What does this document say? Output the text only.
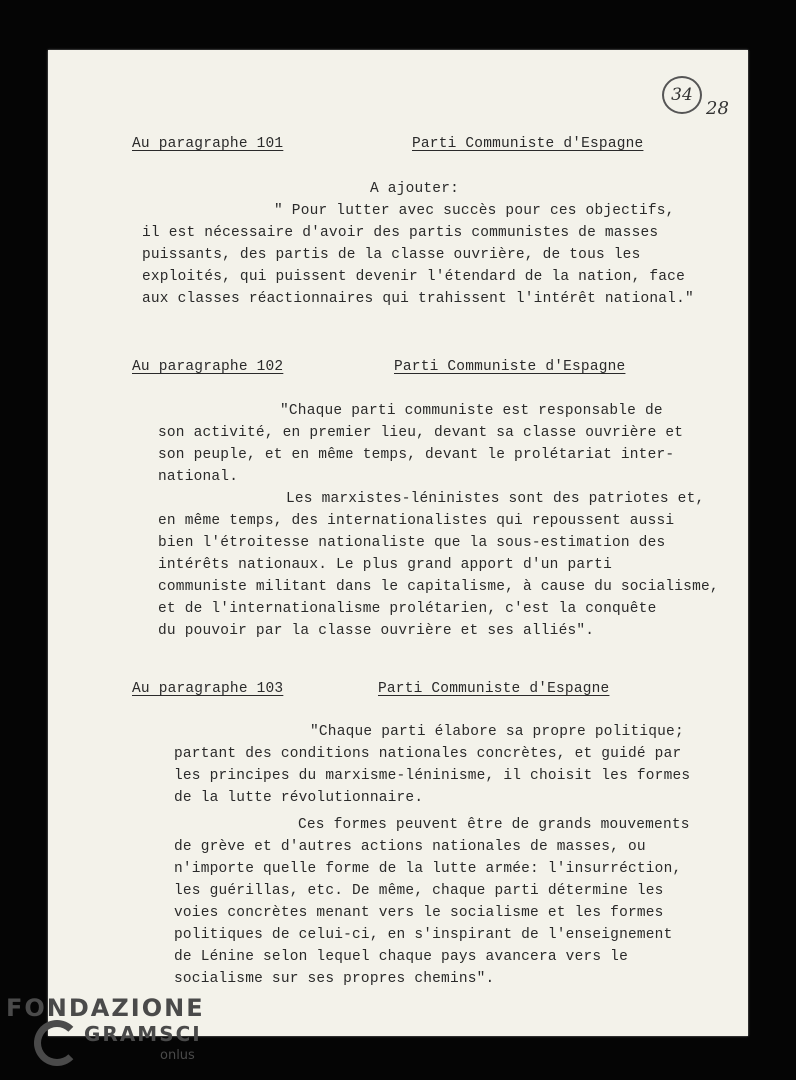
34
28
Au paragraphe 101	Parti Communiste d'Espagne
A ajouter:
" Pour lutter avec succès pour ces objectifs,
il est nécessaire d'avoir des partis communistes de masses
puissants, des partis de la classe ouvrière, de tous les
exploités, qui puissent devenir l'étendard de la nation, face
aux classes réactionnaires qui trahissent l'intérêt national."
Au paragraphe 102	Parti Communiste d'Espagne
"Chaque parti communiste est responsable de
son activité, en premier lieu, devant sa classe ouvrière et
son peuple, et en même temps, devant le prolétariat inter-
national.
Les marxistes-léninistes sont des patriotes et,
en même temps, des internationalistes qui repoussent aussi
bien l'étroitesse nationaliste que la sous-estimation des
intérêts nationaux. Le plus grand apport d'un parti
communiste militant dans le capitalisme, à cause du socialisme,
et de l'internationalisme prolétarien, c'est la conquête
du pouvoir par la classe ouvrière et ses alliés".
Au paragraphe 103	Parti Communiste d'Espagne
"Chaque parti élabore sa propre politique;
partant des conditions nationales concrètes, et guidé par
les principes du marxisme-léninisme, il choisit les formes
de la lutte révolutionnaire.
Ces formes peuvent être de grands mouvements
de grève et d'autres actions nationales de masses, ou
n'importe quelle forme de la lutte armée: l'insurréction,
les guérillas, etc. De même, chaque parti détermine les
voies concrètes menant vers le socialisme et les formes
politiques de celui-ci, en s'inspirant de l'enseignement
de Lénine selon lequel chaque pays avancera vers le
socialisme sur ses propres chemins".
FONDAZIONE
GRAMSCI
onlus
